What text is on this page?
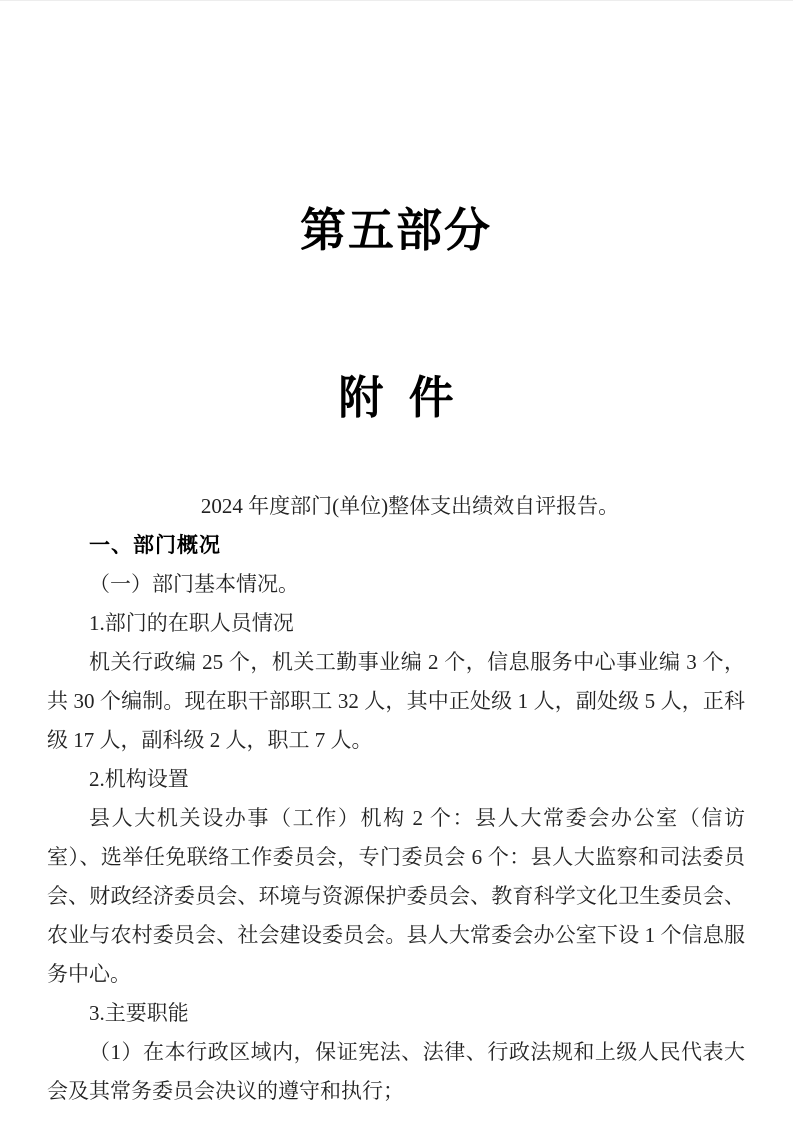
第五部分
附 件

2024 年度部门(单位)整体支出绩效自评报告。

一、部门概况

（一）部门基本情况。

1.部门的在职人员情况

机关行政编 25 个，机关工勤事业编 2 个，信息服务中心事业编 3 个，共 30 个编制。现在职干部职工 32 人，其中正处级 1 人，副处级 5 人，正科级 17 人，副科级 2 人，职工 7 人。

2.机构设置

县人大机关设办事（工作）机构 2 个：县人大常委会办公室（信访室）、选举任免联络工作委员会，专门委员会 6 个：县人大监察和司法委员会、财政经济委员会、环境与资源保护委员会、教育科学文化卫生委员会、农业与农村委员会、社会建设委员会。县人大常委会办公室下设 1 个信息服务中心。

3.主要职能

（1）在本行政区域内，保证宪法、法律、行政法规和上级人民代表大会及其常务委员会决议的遵守和执行；
